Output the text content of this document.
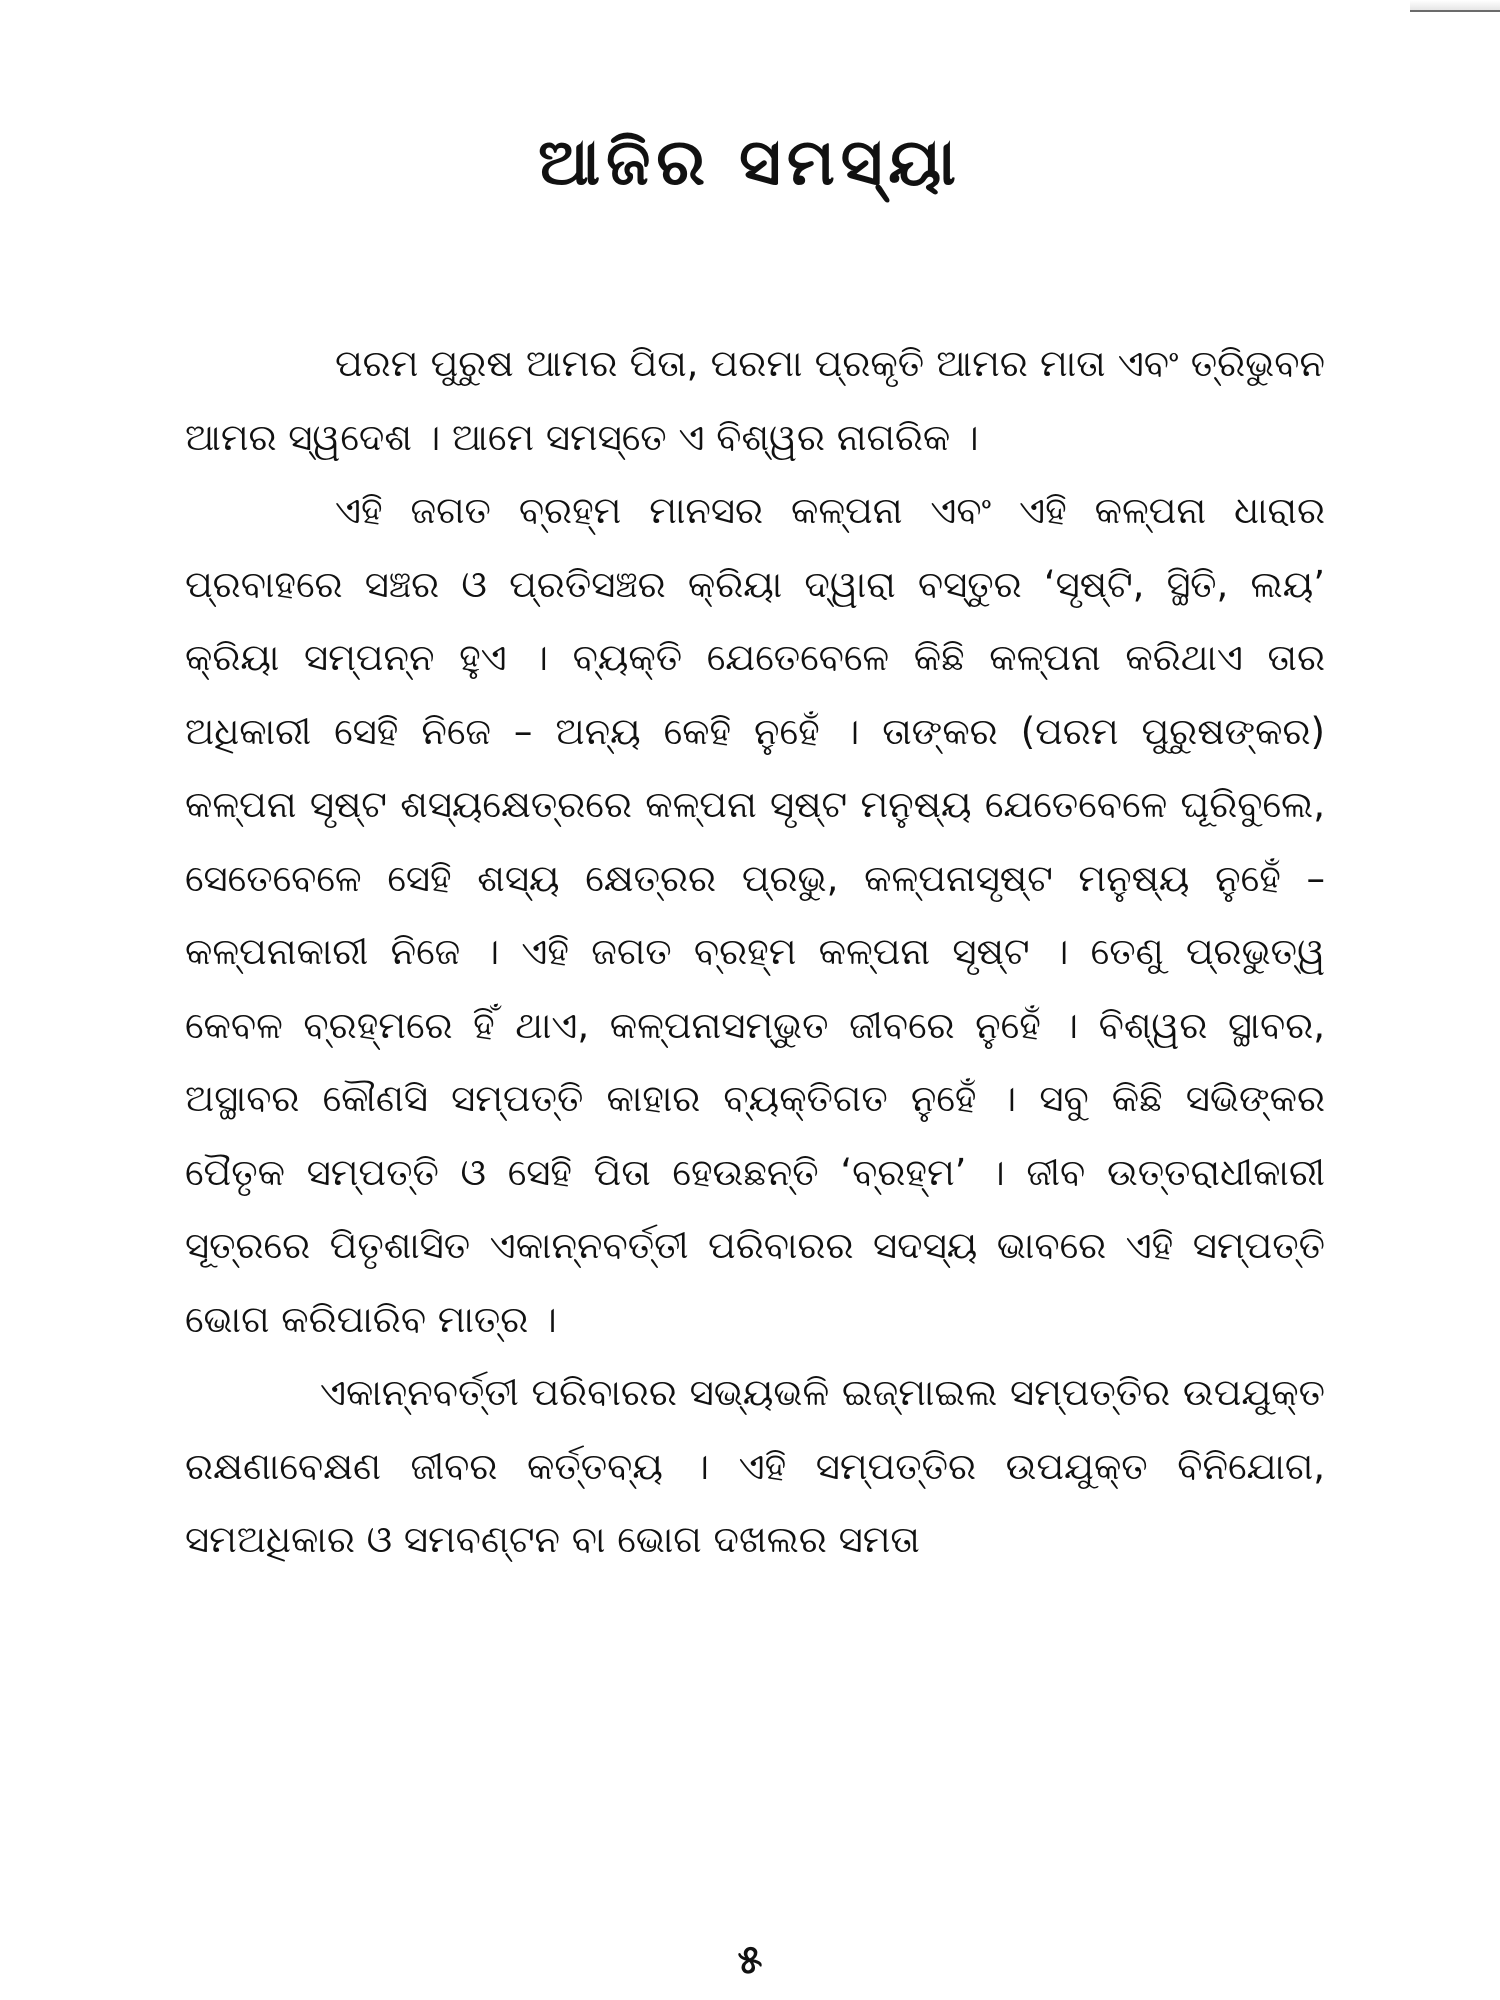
ଆଜିର ସମସ୍ୟା

ପରମ ପୁରୁଷ ଆମର ପିତା, ପରମା ପ୍ରକୃତି ଆମର ମାତା ଏବଂ ତ୍ରିଭୁବନ ଆମର ସ୍ୱଦେଶ । ଆମେ ସମସ୍ତେ ଏ ବିଶ୍ୱର ନାଗରିକ ।

ଏହି ଜଗତ ବ୍ରହ୍ମ ମାନସର କଳ୍ପନା ଏବଂ ଏହି କଳ୍ପନା ଧାରାର ପ୍ରବାହରେ ସଞ୍ଚର ଓ ପ୍ରତିସଞ୍ଚର କ୍ରିୟା ଦ୍ୱାରା ବସ୍ତୁର ‘ସୃଷ୍ଟି, ସ୍ଥିତି, ଲୟ’ କ୍ରିୟା ସମ୍ପନ୍ନ ହୁଏ । ବ୍ୟକ୍ତି ଯେତେବେଳେ କିଛି କଳ୍ପନା କରିଥାଏ ତାର ଅଧିକାରୀ ସେହି ନିଜେ – ଅନ୍ୟ କେହି ନୁହେଁ । ତାଙ୍କର (ପରମ ପୁରୁଷଙ୍କର) କଳ୍ପନା ସୃଷ୍ଟ ଶସ୍ୟକ୍ଷେତ୍ରରେ କଳ୍ପନା ସୃଷ୍ଟ ମନୁଷ୍ୟ ଯେତେବେଳେ ଘୂରିବୁଲେ, ସେତେବେଳେ ସେହି ଶସ୍ୟ କ୍ଷେତ୍ରର ପ୍ରଭୁ, କଳ୍ପନାସୃଷ୍ଟ ମନୁଷ୍ୟ ନୁହେଁ – କଳ୍ପନାକାରୀ ନିଜେ । ଏହି ଜଗତ ବ୍ରହ୍ମ କଳ୍ପନା ସୃଷ୍ଟ । ତେଣୁ ପ୍ରଭୁତ୍ୱ କେବଳ ବ୍ରହ୍ମରେ ହିଁ ଥାଏ, କଳ୍ପନାସମ୍ଭୁତ ଜୀବରେ ନୁହେଁ । ବିଶ୍ୱର ସ୍ଥାବର, ଅସ୍ଥାବର କୌଣସି ସମ୍ପତ୍ତି କାହାର ବ୍ୟକ୍ତିଗତ ନୁହେଁ । ସବୁ କିଛି ସଭିଙ୍କର ପୈତୃକ ସମ୍ପତ୍ତି ଓ ସେହି ପିତା ହେଉଛନ୍ତି ‘ବ୍ରହ୍ମ’ । ଜୀବ ଉତ୍ତରାଧୀକାରୀ ସୂତ୍ରରେ ପିତୃଶାସିତ ଏକାନ୍ନବର୍ତ୍ତୀ ପରିବାରର ସଦସ୍ୟ ଭାବରେ ଏହି ସମ୍ପତ୍ତି ଭୋଗ କରିପାରିବ ମାତ୍ର ।

ଏକାନ୍ନବର୍ତ୍ତୀ ପରିବାରର ସଭ୍ୟଭଳି ଇଜ୍‌ମାଇଲ ସମ୍ପତ୍ତିର ଉପଯୁକ୍ତ ରକ୍ଷଣାବେକ୍ଷଣ ଜୀବର କର୍ତ୍ତବ୍ୟ । ଏହି ସମ୍ପତ୍ତିର ଉପଯୁକ୍ତ ବିନିଯୋଗ, ସମଅଧିକାର ଓ ସମବଣ୍ଟନ ବା ଭୋଗ ଦଖଲର ସମତା

୫
